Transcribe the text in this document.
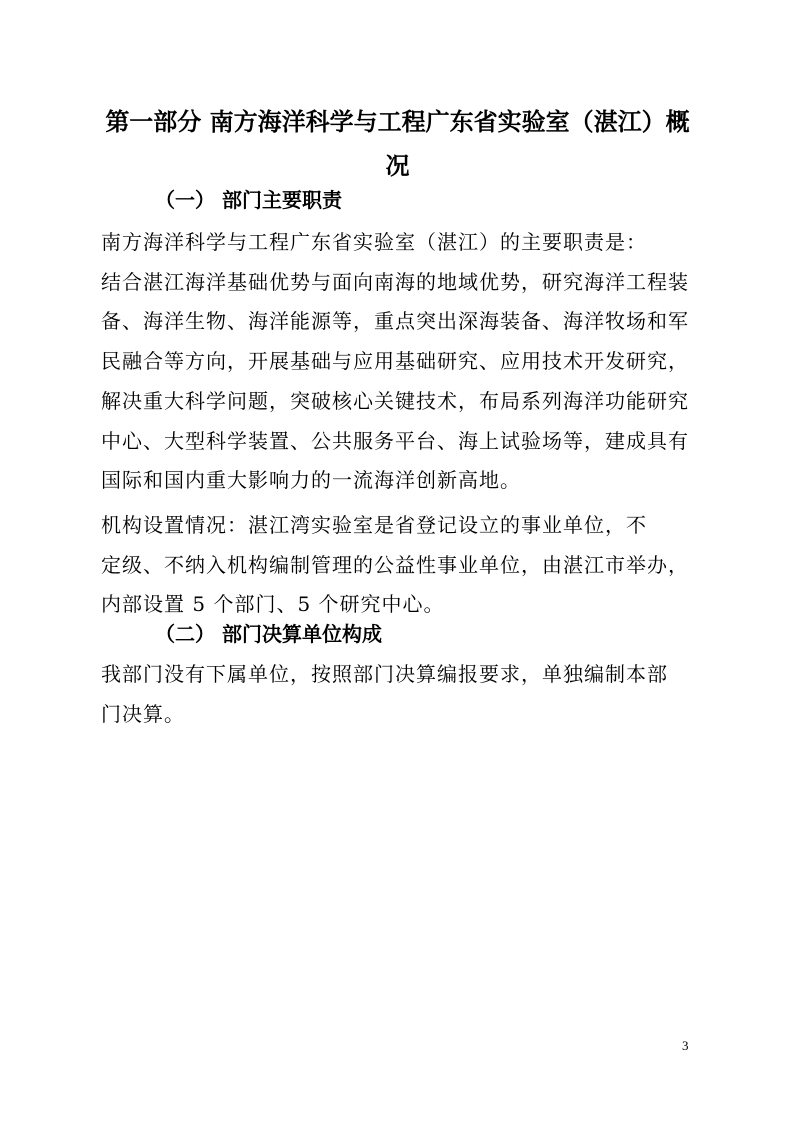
第一部分 南方海洋科学与工程广东省实验室（湛江）概
况
（一） 部门主要职责
南方海洋科学与工程广东省实验室（湛江）的主要职责是：
结合湛江海洋基础优势与面向南海的地域优势，研究海洋工程装
备、海洋生物、海洋能源等，重点突出深海装备、海洋牧场和军
民融合等方向，开展基础与应用基础研究、应用技术开发研究，
解决重大科学问题，突破核心关键技术，布局系列海洋功能研究
中心、大型科学装置、公共服务平台、海上试验场等，建成具有
国际和国内重大影响力的一流海洋创新高地。
机构设置情况：湛江湾实验室是省登记设立的事业单位，不
定级、不纳入机构编制管理的公益性事业单位，由湛江市举办，
内部设置 5 个部门、5 个研究中心。
（二） 部门决算单位构成
我部门没有下属单位，按照部门决算编报要求，单独编制本部
门决算。
3
